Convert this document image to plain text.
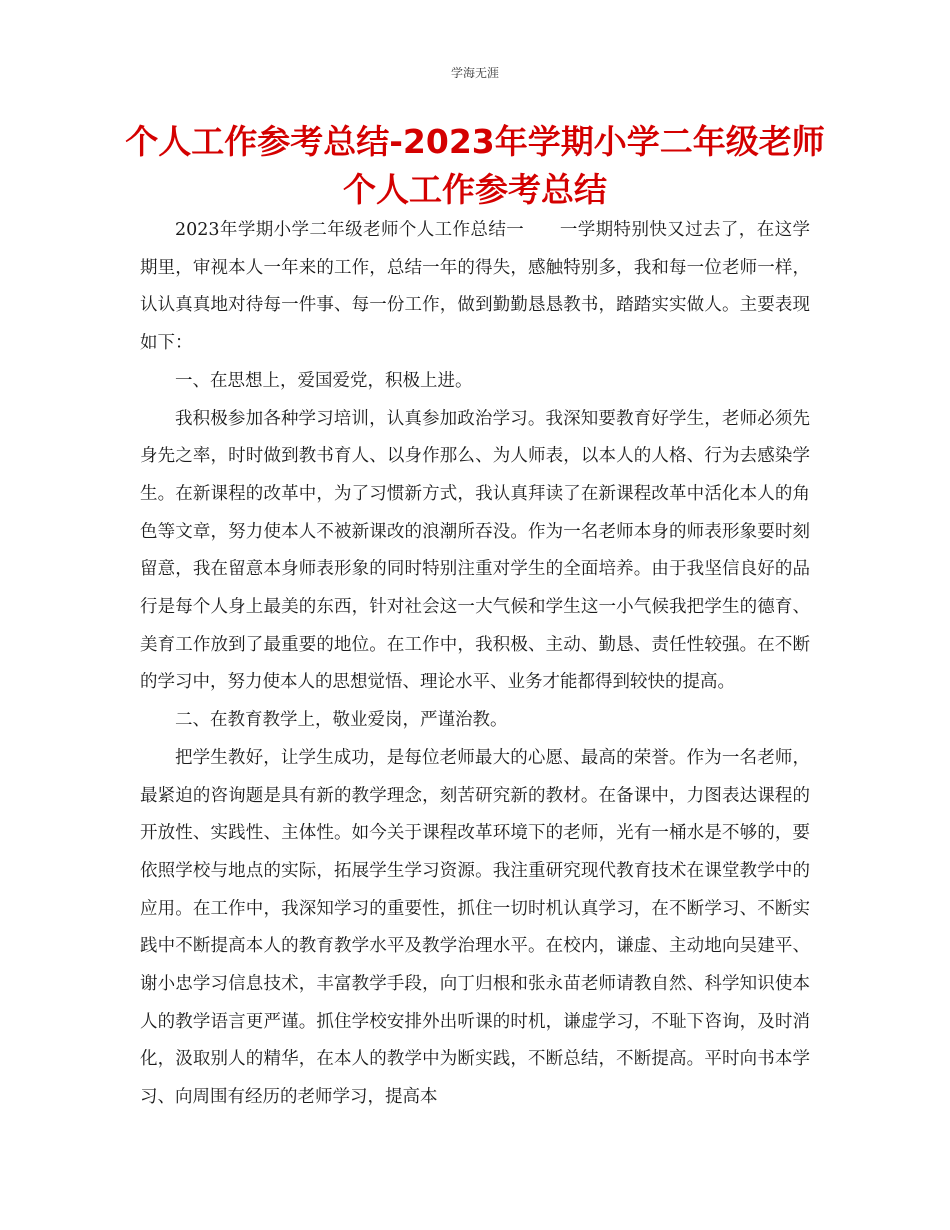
学海无涯
个人工作参考总结-2023年学期小学二年级老师个人工作参考总结

2023年学期小学二年级老师个人工作总结一　　一学期特别快又过去了，在这学期里，审视本人一年来的工作，总结一年的得失，感触特别多，我和每一位老师一样，认认真真地对待每一件事、每一份工作，做到勤勤恳恳教书，踏踏实实做人。主要表现如下：

一、在思想上，爱国爱党，积极上进。

我积极参加各种学习培训，认真参加政治学习。我深知要教育好学生，老师必须先身先之率，时时做到教书育人、以身作那么、为人师表，以本人的人格、行为去感染学生。在新课程的改革中，为了习惯新方式，我认真拜读了在新课程改革中活化本人的角色等文章，努力使本人不被新课改的浪潮所吞没。作为一名老师本身的师表形象要时刻留意，我在留意本身师表形象的同时特别注重对学生的全面培养。由于我坚信良好的品行是每个人身上最美的东西，针对社会这一大气候和学生这一小气候我把学生的德育、美育工作放到了最重要的地位。在工作中，我积极、主动、勤恳、责任性较强。在不断的学习中，努力使本人的思想觉悟、理论水平、业务才能都得到较快的提高。

二、在教育教学上，敬业爱岗，严谨治教。

把学生教好，让学生成功，是每位老师最大的心愿、最高的荣誉。作为一名老师，最紧迫的咨询题是具有新的教学理念，刻苦研究新的教材。在备课中，力图表达课程的开放性、实践性、主体性。如今关于课程改革环境下的老师，光有一桶水是不够的，要依照学校与地点的实际，拓展学生学习资源。我注重研究现代教育技术在课堂教学中的应用。在工作中，我深知学习的重要性，抓住一切时机认真学习，在不断学习、不断实践中不断提高本人的教育教学水平及教学治理水平。在校内，谦虚、主动地向吴建平、谢小忠学习信息技术，丰富教学手段，向丁归根和张永苗老师请教自然、科学知识使本人的教学语言更严谨。抓住学校安排外出听课的时机，谦虚学习，不耻下咨询，及时消化，汲取别人的精华，在本人的教学中为断实践，不断总结，不断提高。平时向书本学习、向周围有经历的老师学习，提高本
